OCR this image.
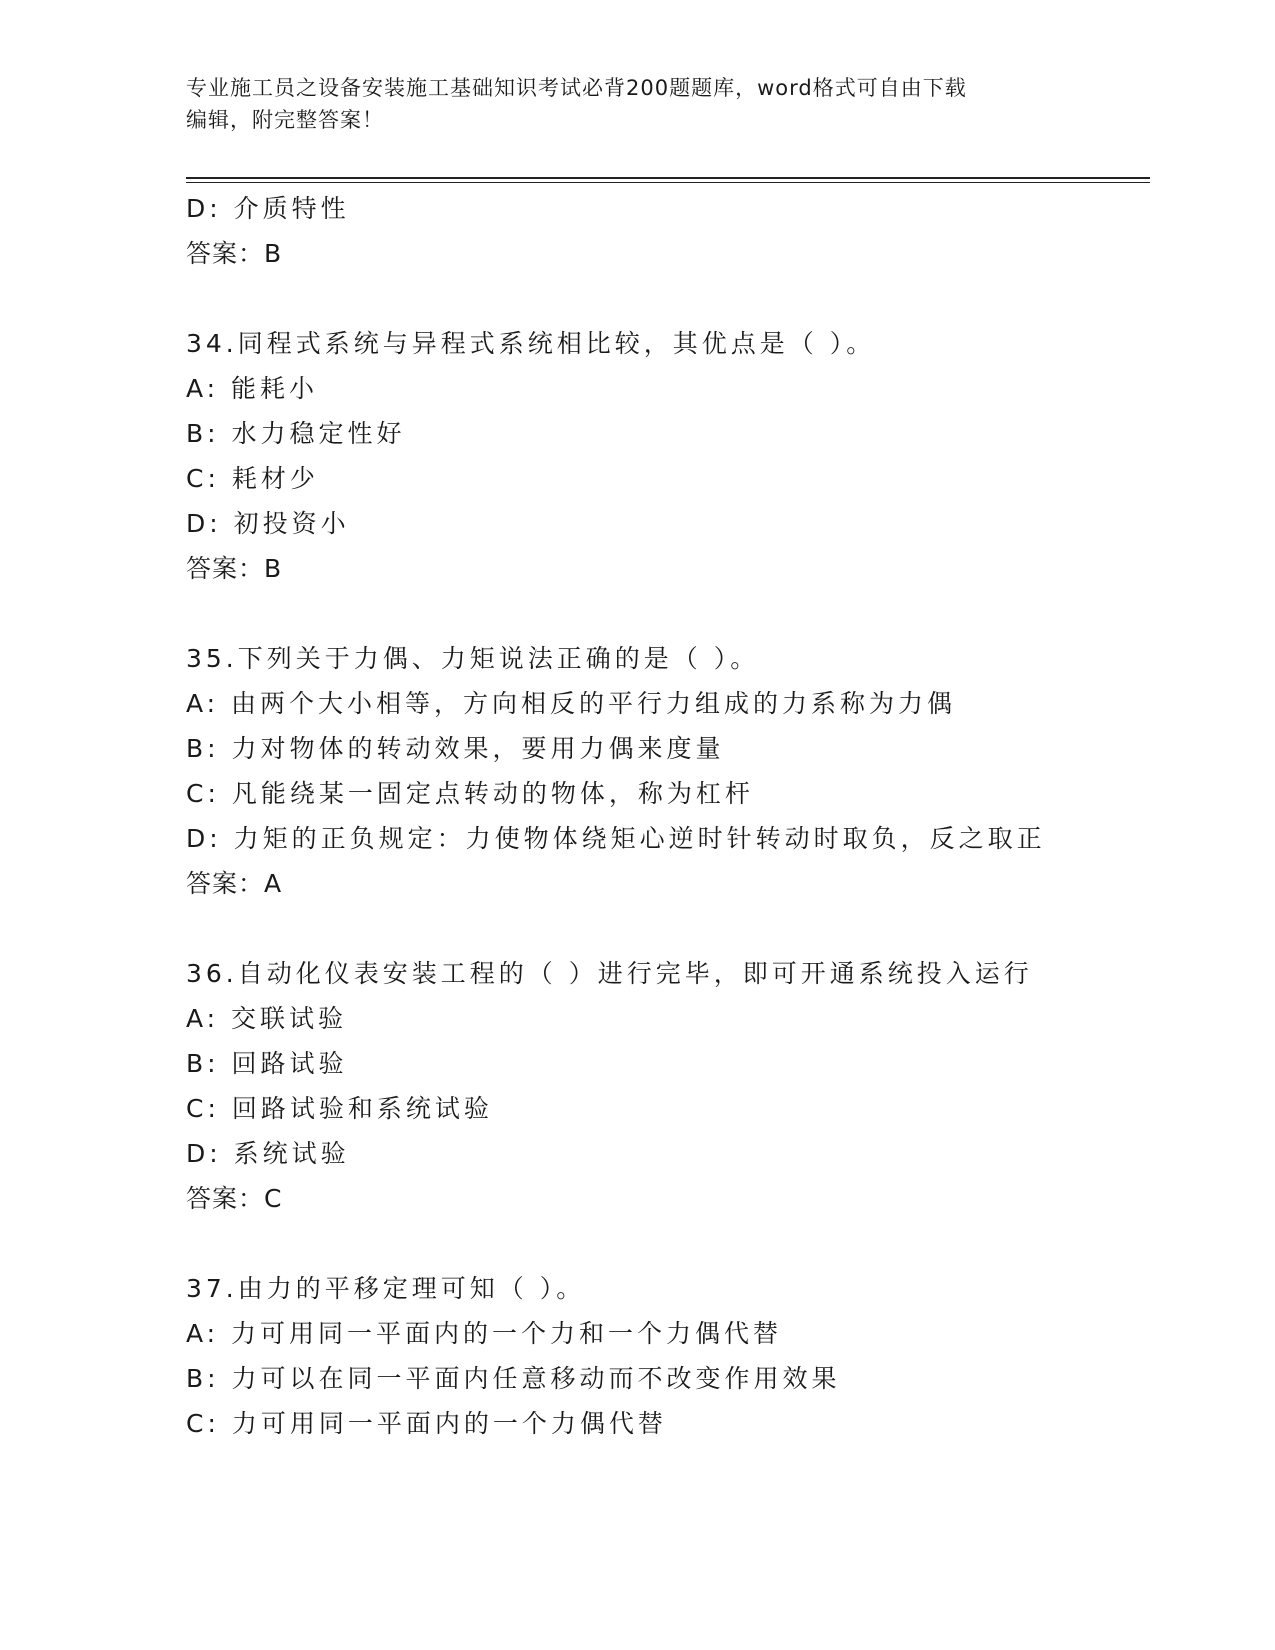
专业施工员之设备安装施工基础知识考试必背200题题库，word格式可自由下载
编辑，附完整答案！
D: 介质特性
答案：B
34.同程式系统与异程式系统相比较，其优点是（ ）。
A: 能耗小
B: 水力稳定性好
C: 耗材少
D: 初投资小
答案：B
35.下列关于力偶、力矩说法正确的是（ ）。
A: 由两个大小相等，方向相反的平行力组成的力系称为力偶
B: 力对物体的转动效果，要用力偶来度量
C: 凡能绕某一固定点转动的物体，称为杠杆
D: 力矩的正负规定：力使物体绕矩心逆时针转动时取负，反之取正
答案：A
36.自动化仪表安装工程的（ ）进行完毕，即可开通系统投入运行
A: 交联试验
B: 回路试验
C: 回路试验和系统试验
D: 系统试验
答案：C
37.由力的平移定理可知（ ）。
A: 力可用同一平面内的一个力和一个力偶代替
B: 力可以在同一平面内任意移动而不改变作用效果
C: 力可用同一平面内的一个力偶代替
